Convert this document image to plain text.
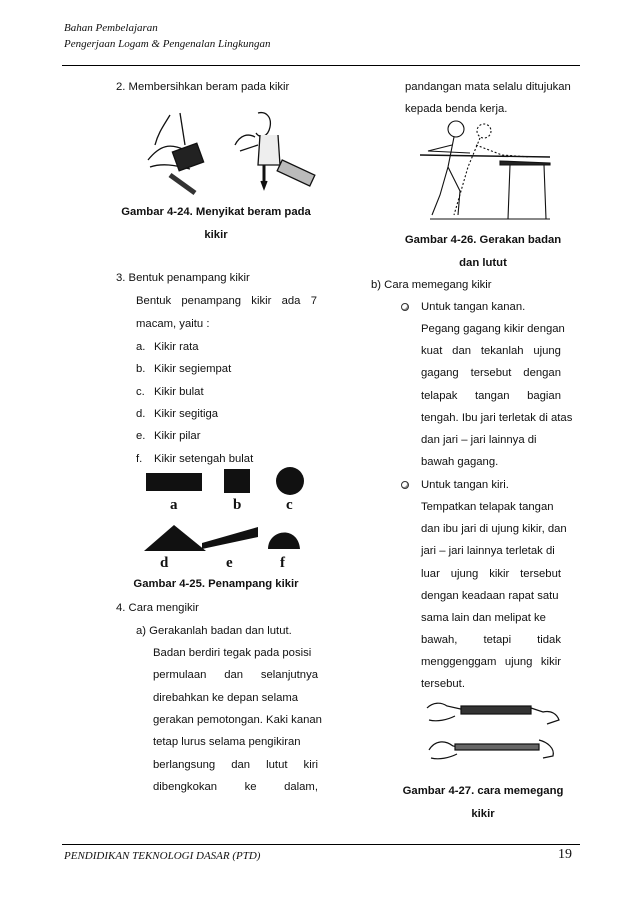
Bahan Pembelajaran
Pengerjaan Logam & Pengenalan Lingkungan
2. Membersihkan beram pada kikir
Gambar 4-24. Menyikat beram pada
kikir
3. Bentuk penampang kikir
Bentuk penampang kikir ada 7
macam, yaitu :
a. Kikir rata
b. Kikir segiempat
c. Kikir bulat
d. Kikir segitiga
e. Kikir pilar
f. Kikir setengah bulat
a	b	c
d	e	f
Gambar 4-25. Penampang kikir
4. Cara mengikir
a) Gerakanlah badan dan lutut.
Badan berdiri tegak pada posisi
permulaan dan selanjutnya
direbahkan ke depan selama
gerakan pemotongan. Kaki kanan
tetap lurus selama pengikiran
berlangsung dan lutut kiri
dibengkokan ke dalam,
pandangan mata selalu ditujukan
kepada benda kerja.
Gambar 4-26. Gerakan badan
dan lutut
b) Cara memegang kikir
Untuk tangan kanan.
Pegang gagang kikir dengan
kuat dan tekanlah ujung
gagang tersebut dengan
telapak tangan bagian
tengah. Ibu jari terletak di atas
dan jari – jari lainnya di
bawah gagang.
Untuk tangan kiri.
Tempatkan telapak tangan
dan ibu jari di ujung kikir, dan
jari – jari lainnya terletak di
luar ujung kikir tersebut
dengan keadaan rapat satu
sama lain dan melipat ke
bawah, tetapi tidak
menggenggam ujung kikir
tersebut.
Gambar 4-27. cara memegang
kikir
PENDIDIKAN TEKNOLOGI DASAR (PTD)	19
